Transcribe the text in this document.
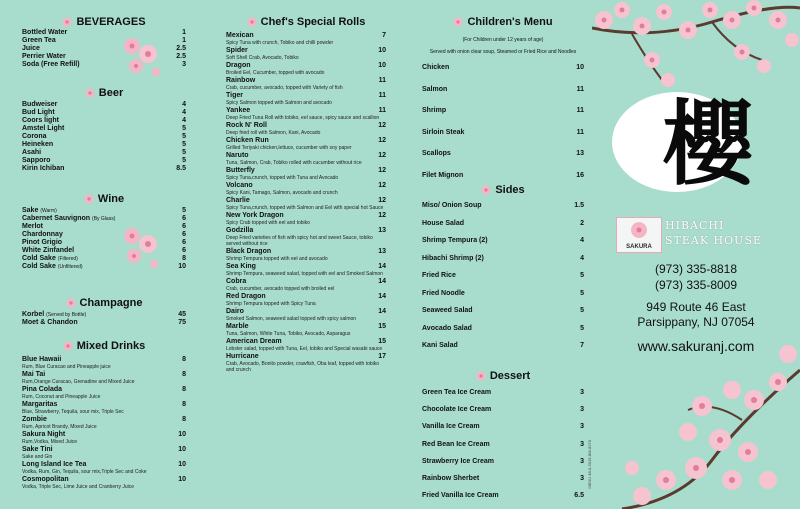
BEVERAGES
Bottled Water	1
Green Tea	1
Juice	2.5
Perrier Water	2.5
Soda (Free Refill)	3
Beer
Budweiser	4
Bud Light	4
Coors light	4
Amstel Light	5
Corona	5
Heineken	5
Asahi	5
Sapporo	5
Kirin Ichiban	8.5
Wine
Sake (Warm)	5
Cabernet Sauvignon (By Glass)	6
Merlot	6
Chardonnay	6
Pinot Grigio	6
White Zinfandel	6
Cold Sake (Filtered)	8
Cold Sake (Unfiltered)	10
Champagne
Korbel (Served by Bottle)	45
Moet & Chandon	75
Mixed Drinks
Blue Hawaii	8
Rum, Blue Curacao and Pineapple juice
Mai Tai	8
Rum,Orange Curacao, Grenadine and Mixed Juice
Pina Colada	8
Rum, Coconut and Pineapple Juice
Margaritas	8
Blue, Strawberry, Tequila, sour mix, Triple Sec
Zombie	8
Rum, Apricot Brandy, Mixed Juice
Sakura Night	10
Rum,Vodka, Mixed Juice
Sake Tini	10
Sake and Gin
Long Island Ice Tea	10
Vodka, Rum, Gin, Tequila, sour mix,Triple Sec and Coke
Cosmopolitan	10
Vodka, Triple Sec, Lime Juice and Cranberry Juice
Chef's Special Rolls
Mexican	7
Spicy Tuna with crunch, Tobiko and chilli powder
Spider	10
Soft Shell Crab, Avocado, Tobiko
Dragon	10
Broiled Eel, Cucumber, topped with avocado
Rainbow	11
Crab, cucumber, avocado, topped with Variety of fish
Tiger	11
Spicy Salmon topped with Salmon and avocado
Yankee	11
Deep Fried Tuna Roll with tobiko, eel sauce, spicy sauce and scallion
Rock N' Roll	12
Deep fried roll with Salmon, Kani, Avocado
Chicken Run	12
Grilled Teriyaki chicken,lettuce, cucumber with soy paper
Naruto	12
Tuna, Salmon, Crab, Tobiko rolled with cucumber without rice
Butterfly	12
Spicy Tuna,crunch, topped with Tuna and Avocado
Volcano	12
Spicy Kani, Tamago, Salmon, avocado and crunch
Charlie	12
Spicy Tuna,crunch, topped with Salmon and Eel with special hot Sauce
New York Dragon	12
Spicy Crab topped with eel and tobiko
Godzilla	13
Deep Fried varieties of fish with spicy hot and sweet Sauce, tobiko served without rice
Black Dragon	13
Shrimp Tempura topped with eel and avocado
Sea King	14
Shrimp Tempura, seaweed salad, topped with eel and Smoked Salmon
Cobra	14
Crab, cucumber, avocado topped with broiled eel
Red Dragon	14
Shrimp Tempura topped with Spicy Tuna
Dairo	14
Smoked Salmon, seaweed salad topped with spicy salmon
Marble	15
Tuna, Salmon, White Tuna, Tobiko, Avocado, Asparagus
American Dream	15
Lobster salad, topped with Tuna, Eel, tobiko and Special wasabi sauce
Hurricane	17
Crab, Avocado, Bonito powder, crawfish, Oba leaf, topped with tobiko and crunch
Children's Menu
(For Children under 12 years of age)
Served with onion clear soup, Steamed or Fried Rice and Noodles
Chicken	10
Salmon	11
Shrimp	11
Sirloin Steak	11
Scallops	13
Filet Mignon	16
Sides
Miso/ Onion Soup	1.5
House Salad	2
Shrimp Tempura (2)	4
Hibachi Shrimp (2)	4
Fried Rice	5
Fried Noodle	5
Seaweed Salad	5
Avocado Salad	5
Kani Salad	7
Dessert
Green Tea Ice Cream	3
Chocolate Ice Cream	3
Vanilla Ice Cream	3
Red Bean Ice Cream	3
Strawberry Ice Cream	3
Rainbow Sherbet	3
Fried Vanilla Ice Cream	6.5
MENU 48-0-2015-8W-8270
櫻
SAKURA
HIBACHI
STEAK HOUSE
(973) 335-8818
(973) 335-8009
949 Route 46 East
Parsippany, NJ 07054
www.sakuranj.com
